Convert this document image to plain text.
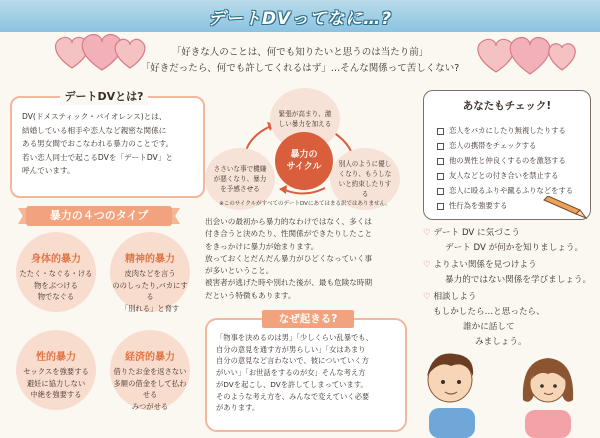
デートDVってなに…?
「好きな人のことは、何でも知りたいと思うのは当たり前」
「好きだったら、何でも許してくれるはず」…そんな関係って苦しくない?
デートDVとは?
DV(ドメスティック・バイオレンス)とは、
結婚している相手や恋人など親密な関係に
ある男女間でおこなわれる暴力のことです。
若い恋人同士で起こるDVを「デートDV」と
呼んでいます。
暴力の４つのタイプ
身体的暴力
たたく・なぐる・ける
物をぶつける
物でなぐる
精神的暴力
皮肉などを言う
ののしったり,バカにする
「別れる」と脅す
性的暴力
セックスを強要する
避妊に協力しない
中絶を強要する
経済的暴力
借りたお金を返さない
多額の借金をして払わせる
みつがせる
緊張が高まり、激しい暴力を加える
ささいな事で機嫌が悪くなり、暴力を予感させる
別人のように優しくなり、もうしないと約束したりする
暴力の
サイクル
※このサイクルがすべてのデートDVにあてはまる訳ではありません。
出会いの最初から暴力的なわけではなく、多くは
付き合うと決めたり、性関係ができたりしたこと
をきっかけに暴力が始まります。
放っておくとだんだん暴力がひどくなっていく事
が多いということ。
被害者が逃げた時や別れた後が、最も危険な時期
だという特徴もあります。
なぜ起きる?
「物事を決めるのは男」「少しくらい乱暴でも、
自分の意見を通す方が男らしい」「女はあまり
自分の意見など言わないで、彼についていく方
がいい」「お世話をするのが女」そんな考え方
がDVを起こし、DVを許してしまっています。
そのような考え方を、みんなで変えていく必要
があります。
あなたもチェック!
恋人をバカにしたり無視したりする
恋人の携帯をチェックする
他の異性と仲良くするのを激怒する
友人などとの付き合いを禁止する
恋人に殴るふりや蹴るふりなどをする
性行為を強要する
♡ デート DV に気づこう
デート DV が何かを知りましょう。
♡ よりよい関係を見つけよう
暴力的ではない関係を学びましょう。
♡ 相談しよう
もしかしたら…と思ったら、
誰かに話して
みましょう。
